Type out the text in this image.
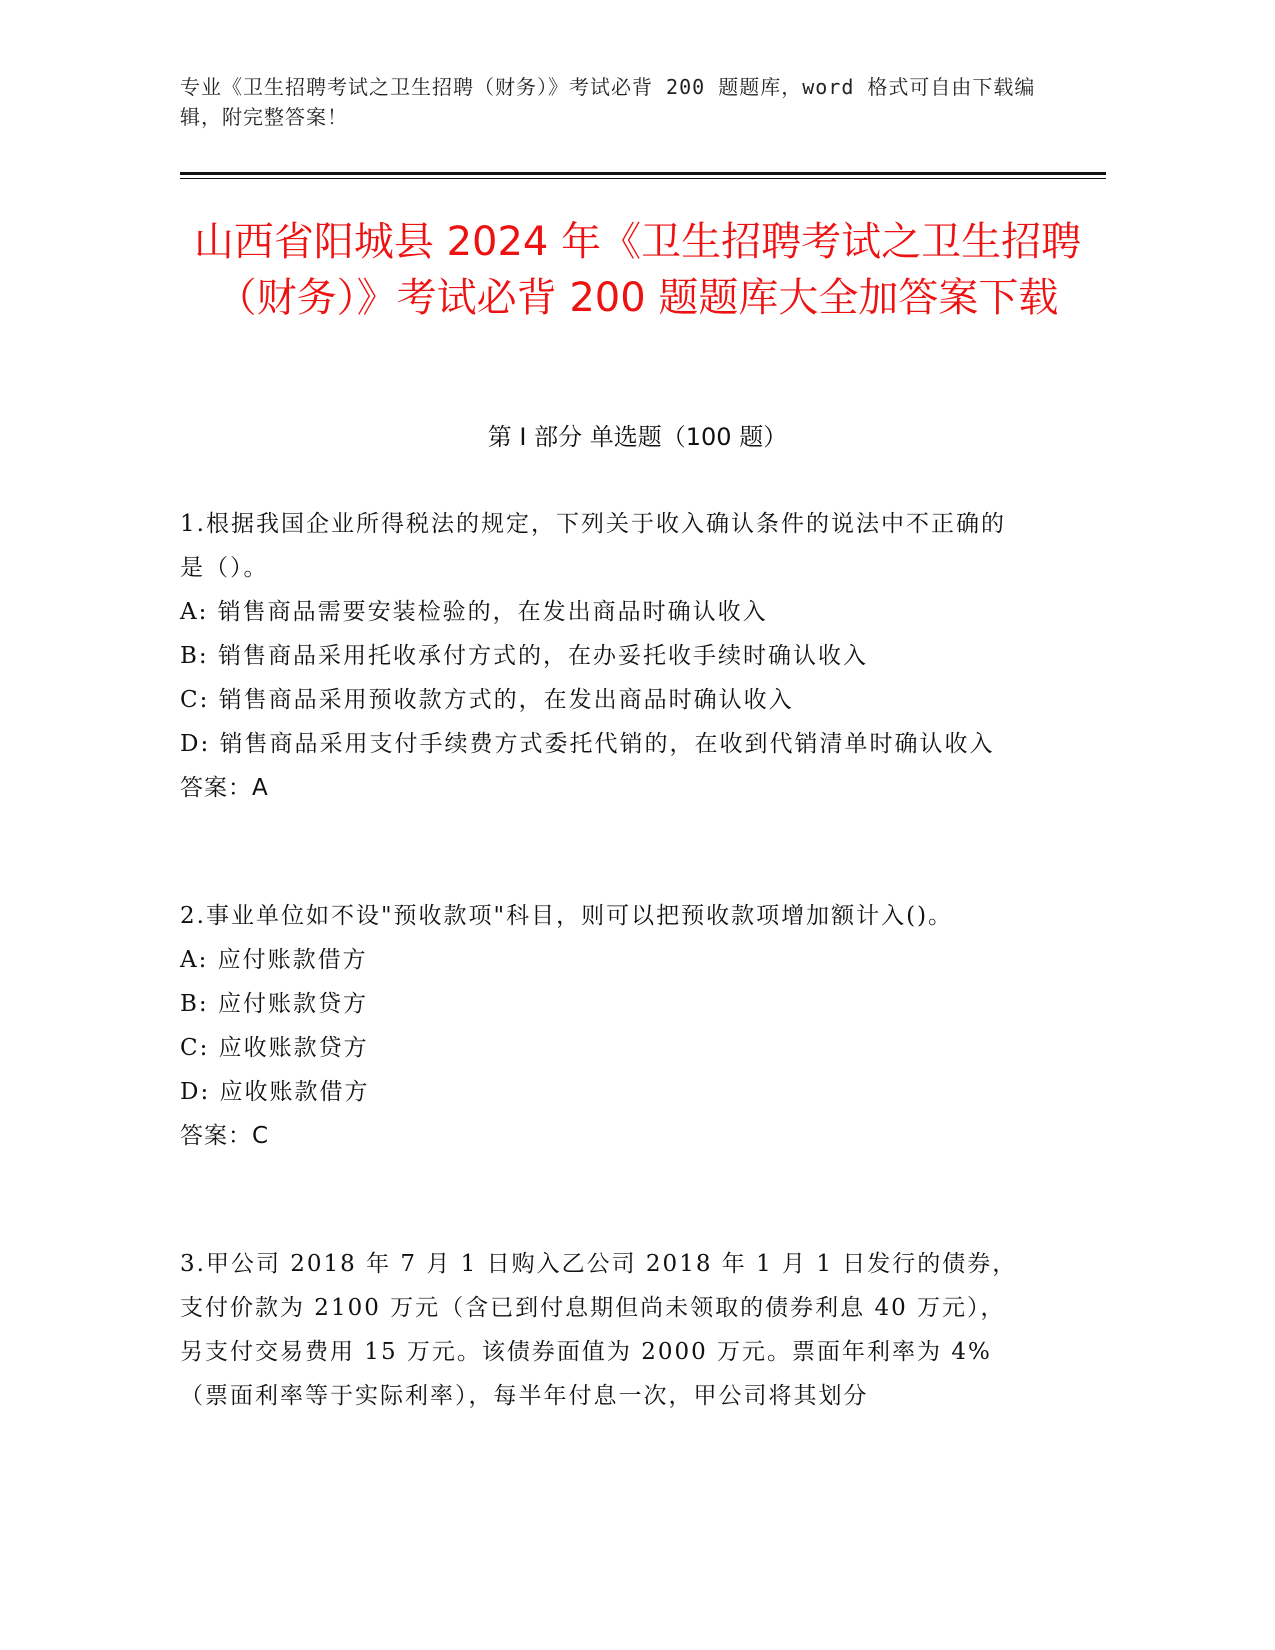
专业《卫生招聘考试之卫生招聘（财务）》考试必背 200 题题库，word 格式可自由下载编辑，附完整答案！
山西省阳城县 2024 年《卫生招聘考试之卫生招聘（财务）》考试必背 200 题题库大全加答案下载
第 I 部分 单选题（100 题）
1.根据我国企业所得税法的规定，下列关于收入确认条件的说法中不正确的是（）。
A: 销售商品需要安装检验的，在发出商品时确认收入
B: 销售商品采用托收承付方式的，在办妥托收手续时确认收入
C: 销售商品采用预收款方式的，在发出商品时确认收入
D: 销售商品采用支付手续费方式委托代销的，在收到代销清单时确认收入
答案：A
2.事业单位如不设"预收款项"科目，则可以把预收款项增加额计入()。
A: 应付账款借方
B: 应付账款贷方
C: 应收账款贷方
D: 应收账款借方
答案：C
3.甲公司 2018 年 7 月 1 日购入乙公司 2018 年 1 月 1 日发行的债券，支付价款为 2100 万元（含已到付息期但尚未领取的债券利息 40 万元），另支付交易费用 15 万元。该债券面值为 2000 万元。票面年利率为 4%（票面利率等于实际利率），每半年付息一次，甲公司将其划分
